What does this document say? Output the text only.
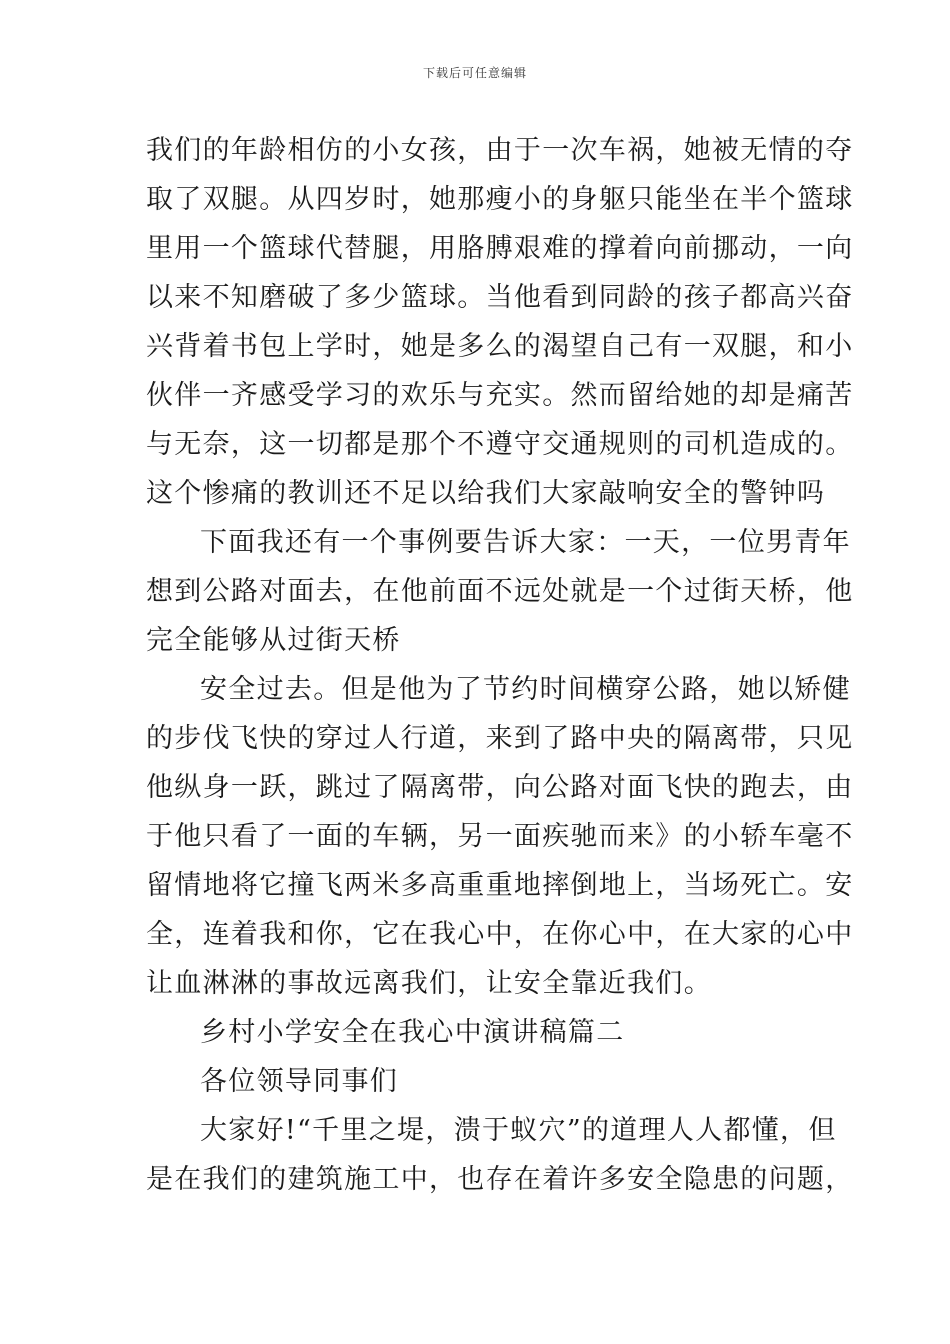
下载后可任意编辑
我们的年龄相仿的小女孩，由于一次车祸，她被无情的夺
取了双腿。从四岁时，她那瘦小的身躯只能坐在半个篮球
里用一个篮球代替腿，用胳膊艰难的撑着向前挪动，一向
以来不知磨破了多少篮球。当他看到同龄的孩子都高兴奋
兴背着书包上学时，她是多么的渴望自己有一双腿，和小
伙伴一齐感受学习的欢乐与充实。然而留给她的却是痛苦
与无奈，这一切都是那个不遵守交通规则的司机造成的。
这个惨痛的教训还不足以给我们大家敲响安全的警钟吗
下面我还有一个事例要告诉大家：一天，一位男青年
想到公路对面去，在他前面不远处就是一个过街天桥，他
完全能够从过街天桥
安全过去。但是他为了节约时间横穿公路，她以矫健
的步伐飞快的穿过人行道，来到了路中央的隔离带，只见
他纵身一跃，跳过了隔离带，向公路对面飞快的跑去，由
于他只看了一面的车辆，另一面疾驰而来》的小轿车毫不
留情地将它撞飞两米多高重重地摔倒地上，当场死亡。安
全，连着我和你，它在我心中，在你心中，在大家的心中
让血淋淋的事故远离我们，让安全靠近我们。
乡村小学安全在我心中演讲稿篇二
各位领导同事们
大家好!“千里之堤，溃于蚁穴”的道理人人都懂，但
是在我们的建筑施工中，也存在着许多安全隐患的问题，
